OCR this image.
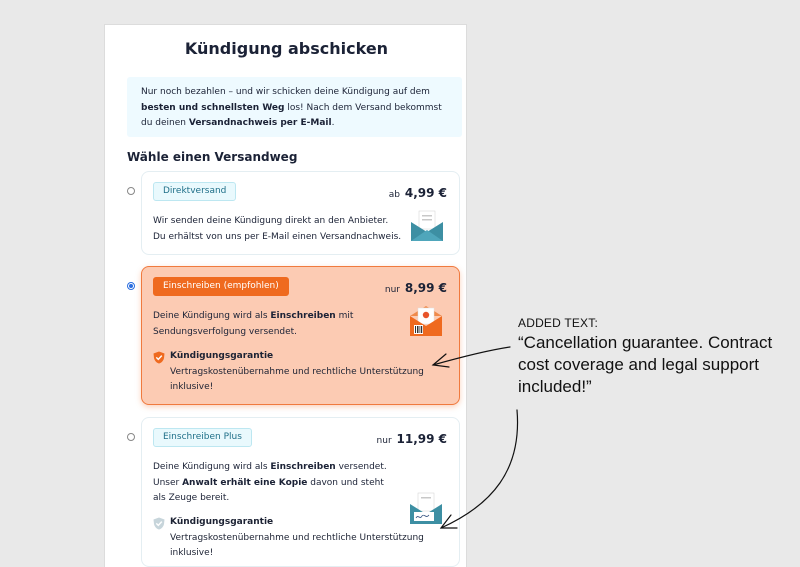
Kündigung abschicken
Nur noch bezahlen – und wir schicken deine Kündigung auf dem besten und schnellsten Weg los! Nach dem Versand bekommst du deinen Versandnachweis per E-Mail.
Wähle einen Versandweg
Direktversand	ab 4,99 €
Wir senden deine Kündigung direkt an den Anbieter. Du erhältst von uns per E-Mail einen Versandnachweis.
Einschreiben (empfohlen)	nur 8,99 €
Deine Kündigung wird als Einschreiben mit Sendungsverfolgung versendet.
Kündigungsgarantie
Vertragskostenübernahme und rechtliche Unterstützung inklusive!
Einschreiben Plus	nur 11,99 €
Deine Kündigung wird als Einschreiben versendet. Unser Anwalt erhält eine Kopie davon und steht als Zeuge bereit.
Kündigungsgarantie
Vertragskostenübernahme und rechtliche Unterstützung inklusive!
ADDED TEXT:
“Cancellation guarantee. Contract cost coverage and legal support included!”
